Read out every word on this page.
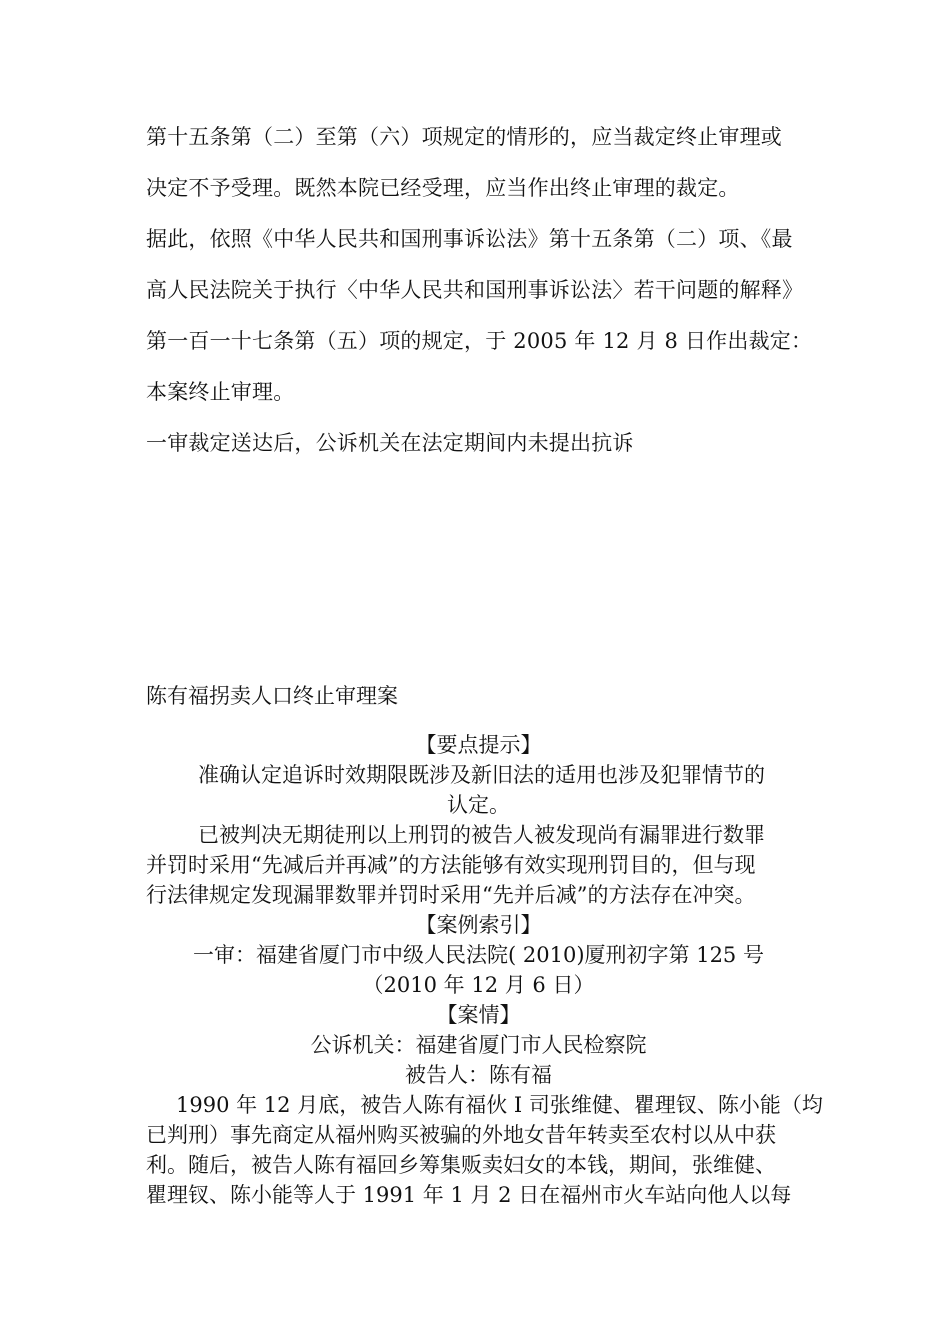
第十五条第（二）至第（六）项规定的情形的，应当裁定终止审理或
决定不予受理。既然本院已经受理，应当作出终止审理的裁定。
据此，依照《中华人民共和国刑事诉讼法》第十五条第（二）项、《最
高人民法院关于执行〈中华人民共和国刑事诉讼法〉若干问题的解释》
第一百一十七条第（五）项的规定，于 2005 年 12 月 8 日作出裁定：
本案终止审理。
一审裁定送达后，公诉机关在法定期间内未提出抗诉
陈有福拐卖人口终止审理案
【要点提示】
准确认定追诉时效期限既涉及新旧法的适用也涉及犯罪情节的
认定。
已被判决无期徒刑以上刑罚的被告人被发现尚有漏罪进行数罪
并罚时采用“先减后并再减”的方法能够有效实现刑罚目的，但与现
行法律规定发现漏罪数罪并罚时采用“先并后减”的方法存在冲突。
【案例索引】
一审：福建省厦门市中级人民法院( 2010)厦刑初字第 125 号
（2010 年 12 月 6 日）
【案情】
公诉机关：福建省厦门市人民检察院
被告人：陈有福
1990 年 12 月底，被告人陈有福伙 I 司张维健、瞿理钗、陈小能（均
已判刑）事先商定从福州购买被骗的外地女昔年转卖至农村以从中获
利。随后，被告人陈有福回乡筹集贩卖妇女的本钱，期间，张维健、
瞿理钗、陈小能等人于 1991 年 1 月 2 日在福州市火车站向他人以每
